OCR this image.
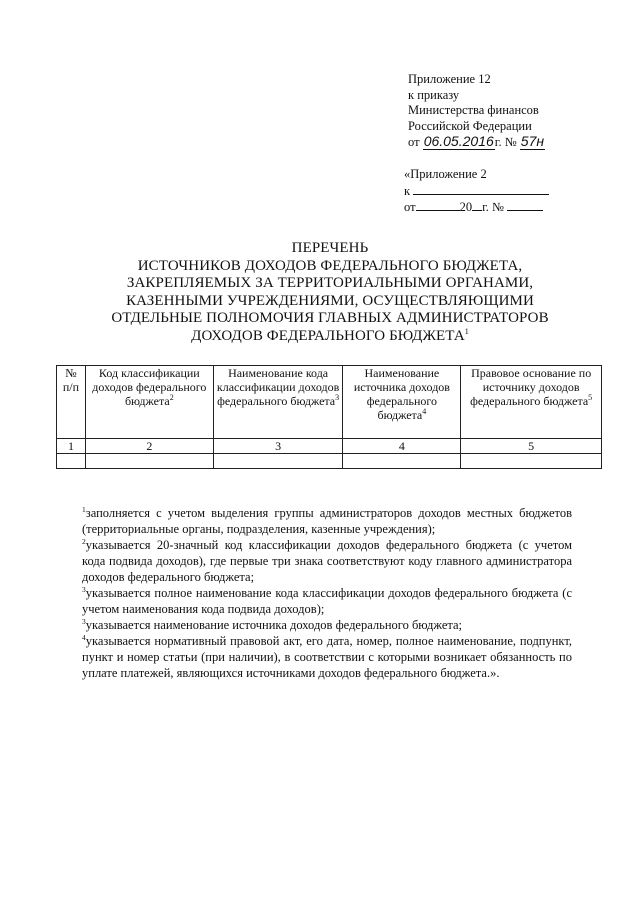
Приложение 12
к приказу
Министерства финансов
Российской Федерации
от 06.05.2016г. № 57н
«Приложение 2
к
от	20 г. №
ПЕРЕЧЕНЬ
ИСТОЧНИКОВ ДОХОДОВ ФЕДЕРАЛЬНОГО БЮДЖЕТА,
ЗАКРЕПЛЯЕМЫХ ЗА ТЕРРИТОРИАЛЬНЫМИ ОРГАНАМИ,
КАЗЕННЫМИ УЧРЕЖДЕНИЯМИ, ОСУЩЕСТВЛЯЮЩИМИ
ОТДЕЛЬНЫЕ ПОЛНОМОЧИЯ ГЛАВНЫХ АДМИНИСТРАТОРОВ
ДОХОДОВ ФЕДЕРАЛЬНОГО БЮДЖЕТА$^1$
№ п/п	Код классификации доходов федерального бюджета$^2$	Наименование кода классификации доходов федерального бюджета$^3$	Наименование источника доходов федерального бюджета$^4$	Правовое основание по источнику доходов федерального бюджета$^5$
1	2	3	4	5

$^1$заполняется с учетом выделения группы администраторов доходов местных бюджетов (территориальные органы, подразделения, казенные учреждения);

$^2$указывается 20-значный код классификации доходов федерального бюджета (с учетом кода подвида доходов), где первые три знака соответствуют коду главного администратора доходов федерального бюджета;

$^3$указывается полное наименование кода классификации доходов федерального бюджета (с учетом наименования кода подвида доходов);

$^3$указывается наименование источника доходов федерального бюджета;

$^4$указывается нормативный правовой акт, его дата, номер, полное наименование, подпункт, пункт и номер статьи (при наличии), в соответствии с которыми возникает обязанность по уплате платежей, являющихся источниками доходов федерального бюджета.».
